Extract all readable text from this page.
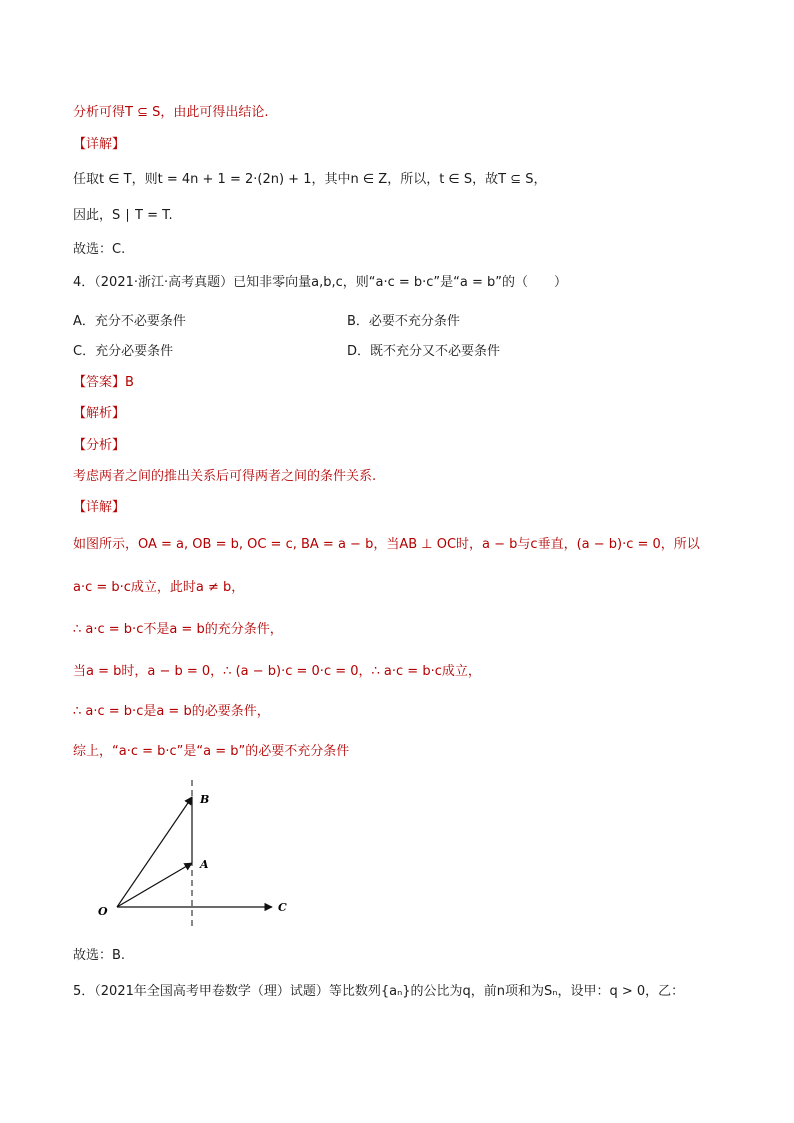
分析可得T ⊆ S，由此可得出结论.
【详解】
任取t ∈ T，则t = 4n + 1 = 2·(2n) + 1，其中n ∈ Z，所以，t ∈ S，故T ⊆ S，
因此，S ∣ T = T.
故选：C.
4．（2021·浙江·高考真题）已知非零向量a,b,c，则“a·c = b·c”是“a = b”的（　　）
A．充分不必要条件	B．必要不充分条件
C．充分必要条件	D．既不充分又不必要条件
【答案】B
【解析】
【分析】
考虑两者之间的推出关系后可得两者之间的条件关系.
【详解】
如图所示，OA = a, OB = b, OC = c, BA = a − b，当AB ⊥ OC时，a − b与c垂直，(a − b)·c = 0，所以
a·c = b·c成立，此时a ≠ b，
∴ a·c = b·c不是a = b的充分条件，
当a = b时，a − b = 0，∴ (a − b)·c = 0·c = 0，∴ a·c = b·c成立，
∴ a·c = b·c是a = b的必要条件，
综上，“a·c = b·c”是“a = b”的必要不充分条件
O
A
B
C
故选：B.
5．（2021年全国高考甲卷数学（理）试题）等比数列{aₙ}的公比为q，前n项和为Sₙ，设甲：q > 0，乙：
